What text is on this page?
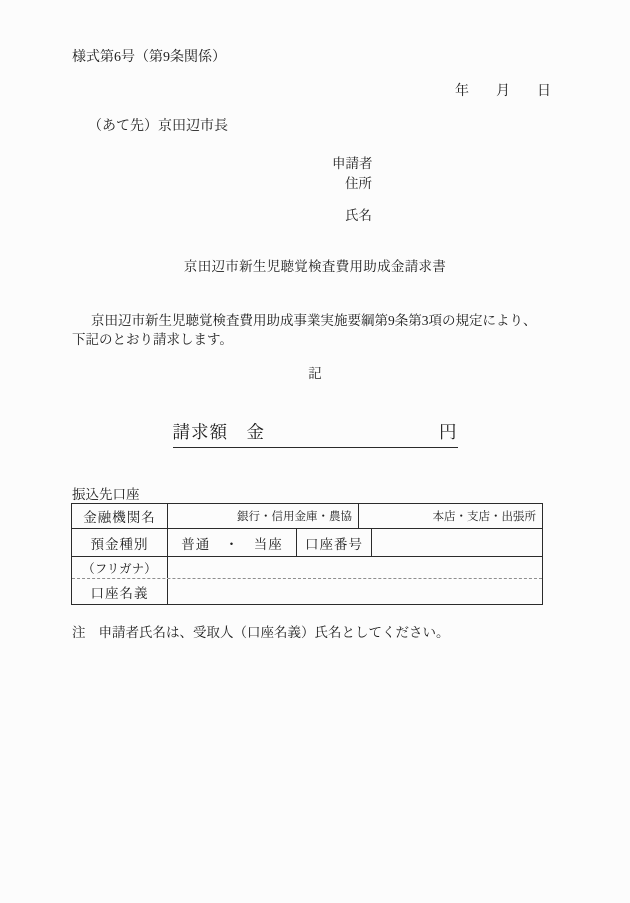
様式第6号（第9条関係）
年 月 日
（あて先）京田辺市長
申請者
住所
氏名
京田辺市新生児聴覚検査費用助成金請求書
京田辺市新生児聴覚検査費用助成事業実施要綱第9条第3項の規定により、
下記のとおり請求します。
記
請求額　金	円
振込先口座
金融機関名	銀行・信用金庫・農協	本店・支店・出張所
預金種別	普通　・　当座	口座番号
（フリガナ）
口座名義
注 申請者氏名は、受取人（口座名義）氏名としてください。
